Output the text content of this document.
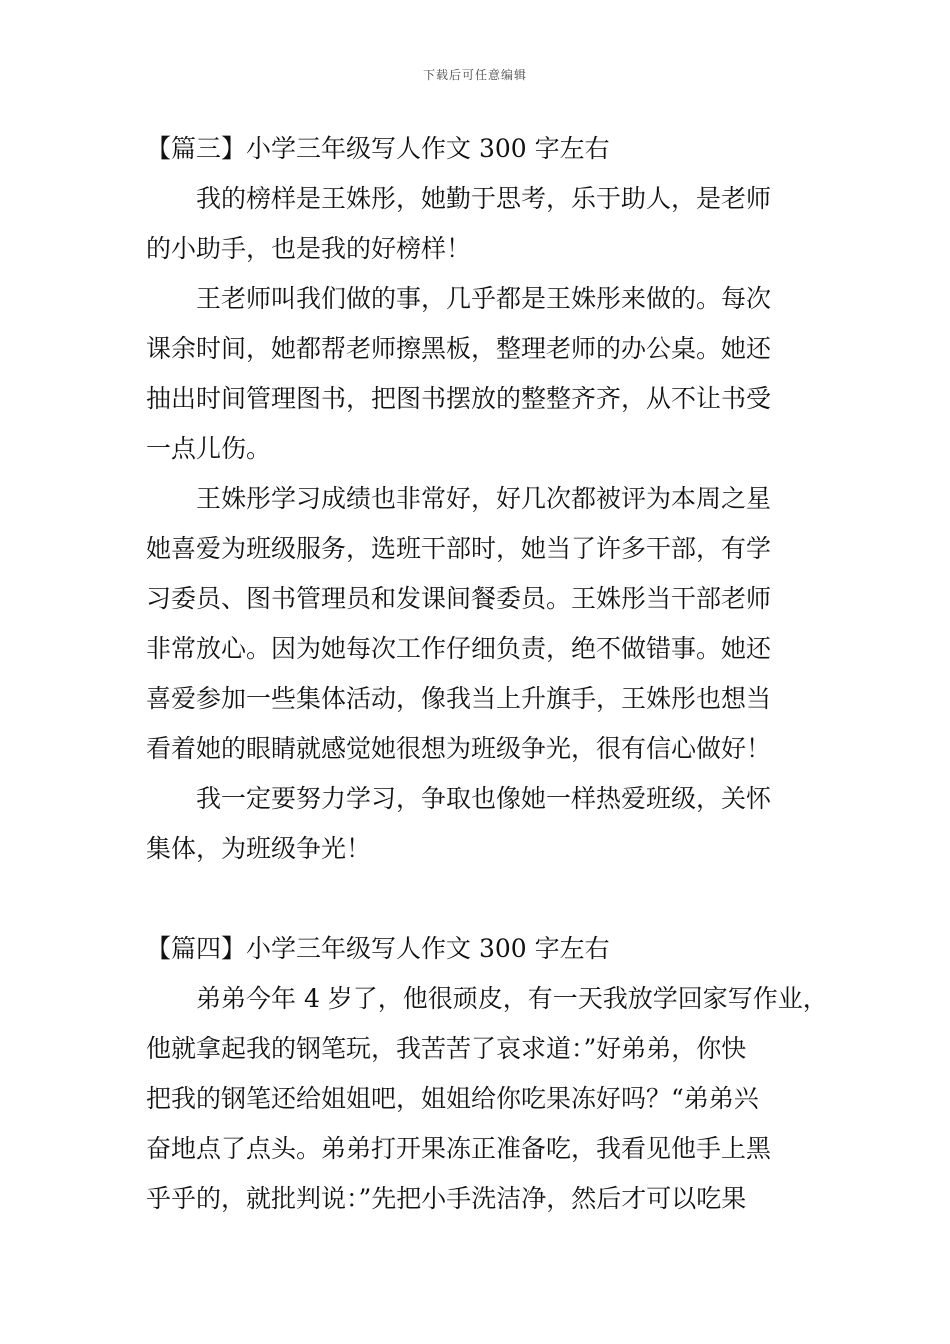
下载后可任意编辑
【篇三】小学三年级写人作文 300 字左右
我的榜样是王姝彤，她勤于思考，乐于助人，是老师
的小助手，也是我的好榜样！
王老师叫我们做的事，几乎都是王姝彤来做的。每次
课余时间，她都帮老师擦黑板，整理老师的办公桌。她还
抽出时间管理图书，把图书摆放的整整齐齐，从不让书受
一点儿伤。
王姝彤学习成绩也非常好，好几次都被评为本周之星
她喜爱为班级服务，选班干部时，她当了许多干部，有学
习委员、图书管理员和发课间餐委员。王姝彤当干部老师
非常放心。因为她每次工作仔细负责，绝不做错事。她还
喜爱参加一些集体活动，像我当上升旗手，王姝彤也想当
看着她的眼睛就感觉她很想为班级争光，很有信心做好！
我一定要努力学习，争取也像她一样热爱班级，关怀
集体，为班级争光！
【篇四】小学三年级写人作文 300 字左右
弟弟今年 4 岁了，他很顽皮，有一天我放学回家写作业，
他就拿起我的钢笔玩，我苦苦了哀求道：”好弟弟，你快
把我的钢笔还给姐姐吧，姐姐给你吃果冻好吗？“弟弟兴
奋地点了点头。弟弟打开果冻正准备吃，我看见他手上黑
乎乎的，就批判说：”先把小手洗洁净，然后才可以吃果
